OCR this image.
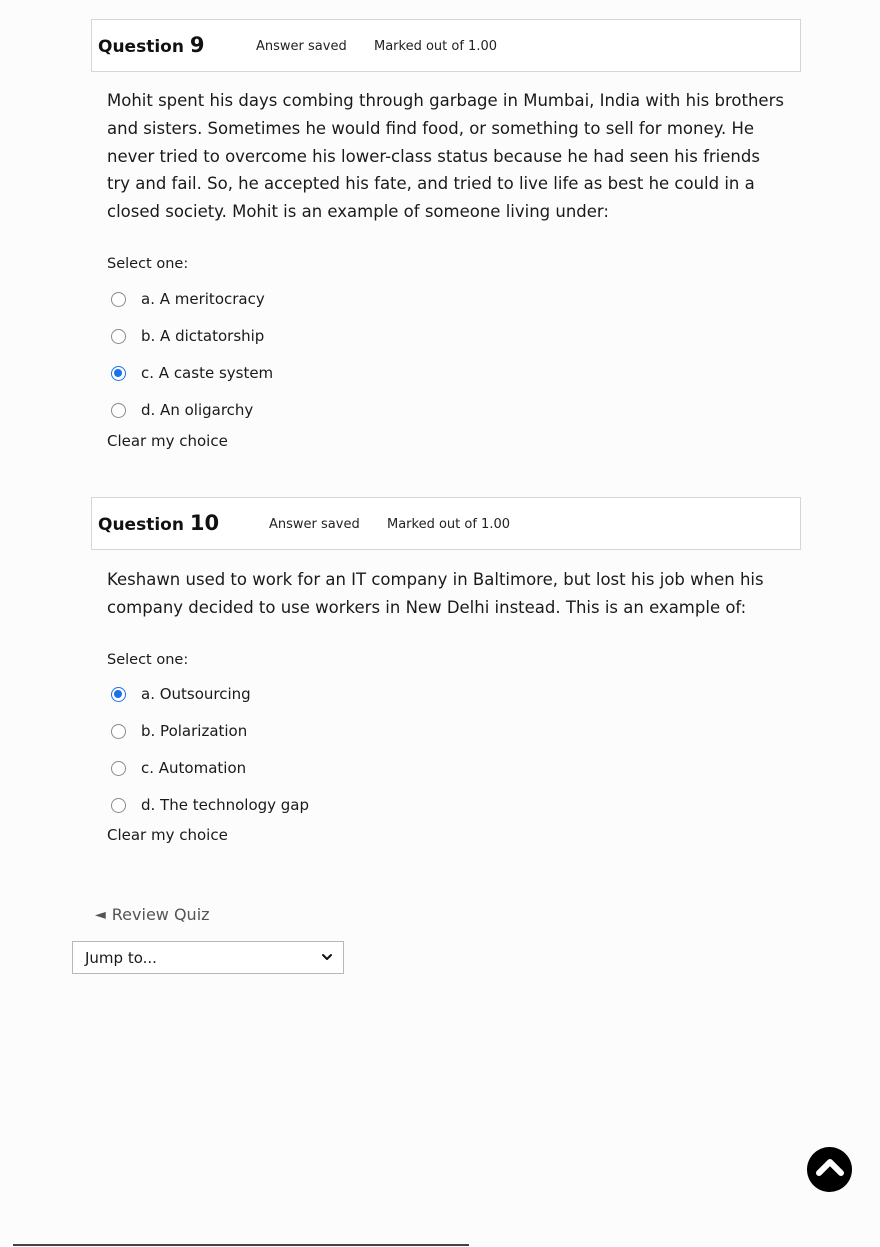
Question 9	Answer saved Marked out of 1.00
Mohit spent his days combing through garbage in Mumbai, India with his brothers and sisters. Sometimes he would find food, or something to sell for money. He never tried to overcome his lower-class status because he had seen his friends try and fail. So, he accepted his fate, and tried to live life as best he could in a closed society. Mohit is an example of someone living under:
Select one:
a. A meritocracy
b. A dictatorship
c. A caste system
d. An oligarchy
Clear my choice
Question 10	Answer saved Marked out of 1.00
Keshawn used to work for an IT company in Baltimore, but lost his job when his company decided to use workers in New Delhi instead. This is an example of:
Select one:
a. Outsourcing
b. Polarization
c. Automation
d. The technology gap
Clear my choice
◄ Review Quiz
Jump to...
